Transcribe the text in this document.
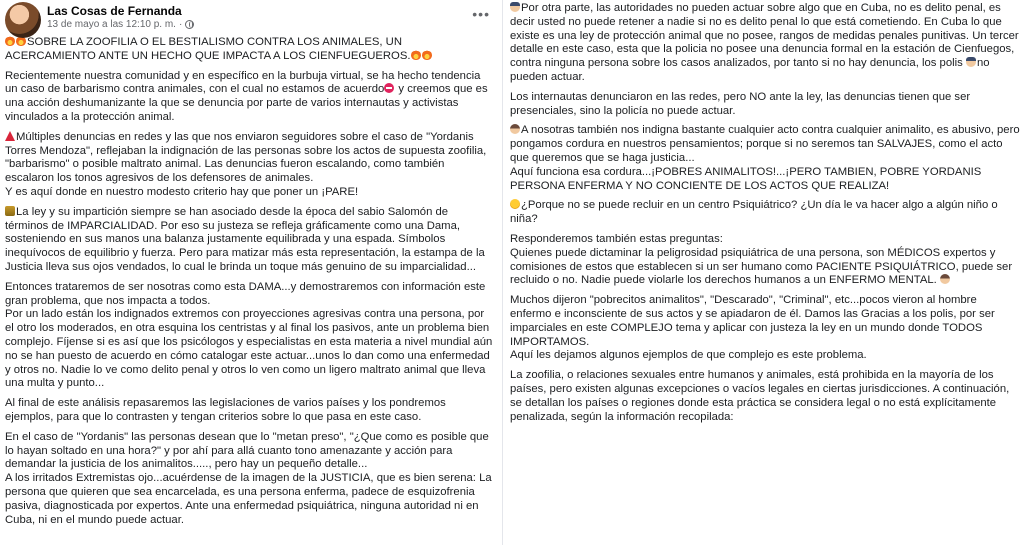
Las Cosas de Fernanda
13 de mayo a las 12:10 p. m. ·
•••

SOBRE LA ZOOFILIA O EL BESTIALISMO CONTRA LOS ANIMALES, UN ACERCAMIENTO ANTE UN HECHO QUE IMPACTA A LOS CIENFUEGUEROS.

Recientemente nuestra comunidad y en específico en la burbuja virtual, se ha hecho tendencia un caso de barbarismo contra animales, con el cual no estamos de acuerdo y creemos que es una acción deshumanizante la que se denuncia por parte de varios internautas y activistas vinculados a la protección animal.

Múltiples denuncias en redes y las que nos enviaron seguidores sobre el caso de "Yordanis Torres Mendoza", reflejaban la indignación de las personas sobre los actos de supuesta zoofilia, "barbarismo" o posible maltrato animal. Las denuncias fueron escalando, como también escalaron los tonos agresivos de los defensores de animales.

Y es aquí donde en nuestro modesto criterio hay que poner un ¡PARE!

La ley y su impartición siempre se han asociado desde la época del sabio Salomón de términos de IMPARCIALIDAD. Por eso su justeza se refleja gráficamente como una Dama, sosteniendo en sus manos una balanza justamente equilibrada y una espada. Símbolos inequívocos de equilibrio y fuerza. Pero para matizar más esta representación, la estampa de la Justicia lleva sus ojos vendados, lo cual le brinda un toque más genuino de su imparcialidad...

Entonces trataremos de ser nosotras como esta DAMA...y demostraremos con información este gran problema, que nos impacta a todos.

Por un lado están los indignados extremos con proyecciones agresivas contra una persona, por el otro los moderados, en otra esquina los centristas y al final los pasivos, ante un problema bien complejo. Fíjense si es así que los psicólogos y especialistas en esta materia a nivel mundial aún no se han puesto de acuerdo en cómo catalogar este actuar...unos lo dan como una enfermedad y otros no. Nadie lo ve como delito penal y otros lo ven como un ligero maltrato animal que lleva una multa y punto...

Al final de este análisis repasaremos las legislaciones de varios países y los pondremos ejemplos, para que lo contrasten y tengan criterios sobre lo que pasa en este caso.

En el caso de "Yordanis" las personas desean que lo "metan preso", "¿Que como es posible que lo hayan soltado en una hora?" y por ahí para allá cuanto tono amenazante y acción para demandar la justicia de los animalitos....., pero hay un pequeño detalle...

A los irritados Extremistas ojo...acuérdense de la imagen de la JUSTICIA, que es bien serena: La persona que quieren que sea encarcelada, es una persona enferma, padece de esquizofrenia pasiva, diagnosticada por expertos. Ante una enfermedad psiquiátrica, ninguna autoridad ni en Cuba, ni en el mundo puede actuar.

Por otra parte, las autoridades no pueden actuar sobre algo que en Cuba, no es delito penal, es decir usted no puede retener a nadie si no es delito penal lo que está cometiendo. En Cuba lo que existe es una ley de protección animal que no posee, rangos de medidas penales punitivas. Un tercer detalle en este caso, esta que la policia no posee una denuncia formal en la estación de Cienfuegos, contra ninguna persona sobre los casos analizados, por tanto si no hay denuncia, los polis no pueden actuar.

Los internautas denunciaron en las redes, pero NO ante la ley, las denuncias tienen que ser presenciales, sino la policía no puede actuar.

A nosotras también nos indigna bastante cualquier acto contra cualquier animalito, es abusivo, pero pongamos cordura en nuestros pensamientos; porque si no seremos tan SALVAJES, como el acto que queremos que se haga justicia...

Aquí funciona esa cordura...¡POBRES ANIMALITOS!...¡PERO TAMBIEN, POBRE YORDANIS PERSONA ENFERMA Y NO CONCIENTE DE LOS ACTOS QUE REALIZA!

¿Porque no se puede recluir en un centro Psiquiátrico? ¿Un día le va hacer algo a algún niño o niña?

Responderemos también estas preguntas:

Quienes puede dictaminar la peligrosidad psiquiátrica de una persona, son MÉDICOS expertos y comisiones de estos que establecen si un ser humano como PACIENTE PSIQUIÁTRICO, puede ser recluido o no. Nadie puede violarle los derechos humanos a un ENFERMO MENTAL.

Muchos dijeron "pobrecitos animalitos", "Descarado", "Criminal", etc...pocos vieron al hombre enfermo e inconsciente de sus actos y se apiadaron de él. Damos las Gracias a los polis, por ser imparciales en este COMPLEJO tema y aplicar con justeza la ley en un mundo donde TODOS IMPORTAMOS.

Aquí les dejamos algunos ejemplos de que complejo es este problema.

La zoofilia, o relaciones sexuales entre humanos y animales, está prohibida en la mayoría de los países, pero existen algunas excepciones o vacíos legales en ciertas jurisdicciones. A continuación, se detallan los países o regiones donde esta práctica se considera legal o no está explícitamente penalizada, según la información recopilada:
